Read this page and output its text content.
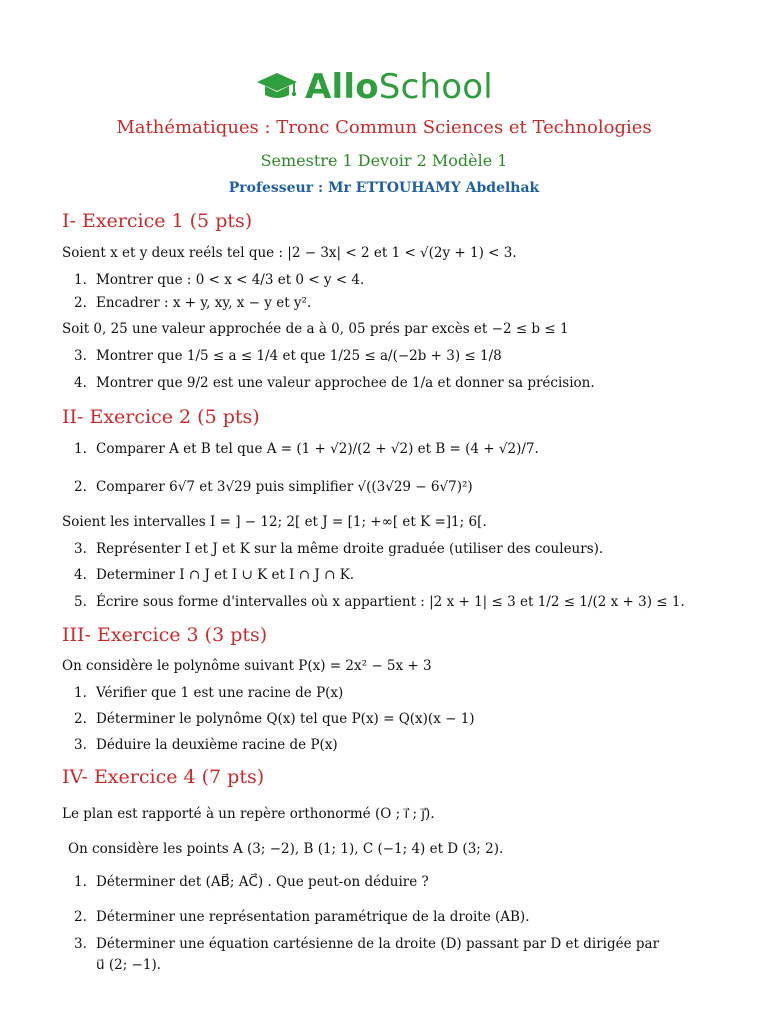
AlloSchool
Mathématiques : Tronc Commun Sciences et Technologies
Semestre 1 Devoir 2 Modèle 1
Professeur : Mr ETTOUHAMY Abdelhak
I- Exercice 1 (5 pts)
Soient x et y deux reéls tel que : |2 − 3x| < 2 et 1 < √(2y + 1) < 3.
1. Montrer que : 0 < x < 4/3 et 0 < y < 4.
2. Encadrer : x + y, xy, x − y et y².
Soit 0, 25 une valeur approchée de a à 0, 05 prés par excès et −2 ≤ b ≤ 1
3. Montrer que 1/5 ≤ a ≤ 1/4 et que 1/25 ≤ a/(−2b + 3) ≤ 1/8
4. Montrer que 9/2 est une valeur approchee de 1/a et donner sa précision.
II- Exercice 2 (5 pts)
1. Comparer A et B tel que A = (1 + √2)/(2 + √2) et B = (4 + √2)/7.
2. Comparer 6√7 et 3√29 puis simplifier √((3√29 − 6√7)²)
Soient les intervalles I = ] − 12; 2[ et J = [1; +∞[ et K =]1; 6[.
3. Représenter I et J et K sur la même droite graduée (utiliser des couleurs).
4. Determiner I ∩ J et I ∪ K et I ∩ J ∩ K.
5. Écrire sous forme d'intervalles où x appartient : |2 x + 1| ≤ 3 et 1/2 ≤ 1/(2 x + 3) ≤ 1.
III- Exercice 3 (3 pts)
On considère le polynôme suivant P(x) = 2x² − 5x + 3
1. Vérifier que 1 est une racine de P(x)
2. Déterminer le polynôme Q(x) tel que P(x) = Q(x)(x − 1)
3. Déduire la deuxième racine de P(x)
IV- Exercice 4 (7 pts)
Le plan est rapporté à un repère orthonormé (O ; i⃗ ; j⃗).
On considère les points A (3; −2), B (1; 1), C (−1; 4) et D (3; 2).
1. Déterminer det (AB⃗; AC⃗) . Que peut-on déduire ?
2. Déterminer une représentation paramétrique de la droite (AB).
3. Déterminer une équation cartésienne de la droite (D) passant par D et dirigée par
u⃗ (2; −1).
